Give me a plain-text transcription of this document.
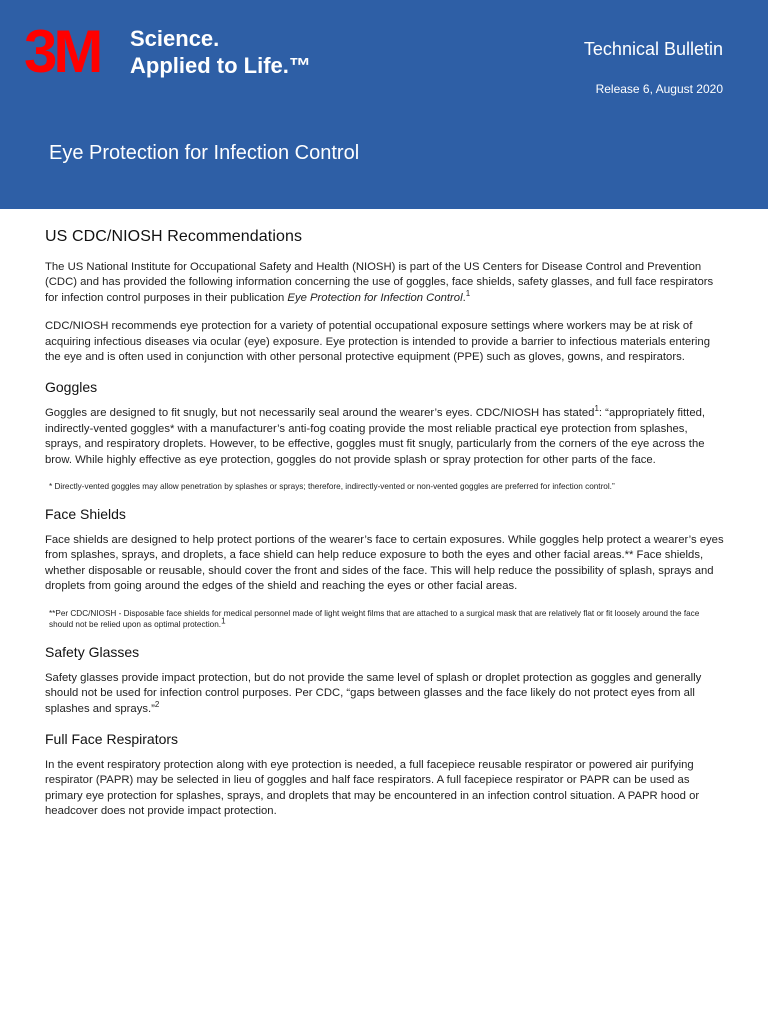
3M Science.
Applied to Life.™
Technical Bulletin
Release 6, August 2020
Eye Protection for Infection Control
US CDC/NIOSH Recommendations

The US National Institute for Occupational Safety and Health (NIOSH) is part of the US Centers for Disease Control and Prevention (CDC) and has provided the following information concerning the use of goggles, face shields, safety glasses, and full face respirators for infection control purposes in their publication Eye Protection for Infection Control.$^1$

CDC/NIOSH recommends eye protection for a variety of potential occupational exposure settings where workers may be at risk of acquiring infectious diseases via ocular (eye) exposure. Eye protection is intended to provide a barrier to infectious materials entering the eye and is often used in conjunction with other personal protective equipment (PPE) such as gloves, gowns, and respirators.

Goggles

Goggles are designed to fit snugly, but not necessarily seal around the wearer’s eyes. CDC/NIOSH has stated$^1$: “appropriately fitted, indirectly-vented goggles* with a manufacturer’s anti-fog coating provide the most reliable practical eye protection from splashes, sprays, and respiratory droplets. However, to be effective, goggles must fit snugly, particularly from the corners of the eye across the brow. While highly effective as eye protection, goggles do not provide splash or spray protection for other parts of the face.

* Directly-vented goggles may allow penetration by splashes or sprays; therefore, indirectly-vented or non-vented goggles are preferred for infection control.”

Face Shields

Face shields are designed to help protect portions of the wearer’s face to certain exposures. While goggles help protect a wearer’s eyes from splashes, sprays, and droplets, a face shield can help reduce exposure to both the eyes and other facial areas.** Face shields, whether disposable or reusable, should cover the front and sides of the face. This will help reduce the possibility of splash, sprays and droplets from going around the edges of the shield and reaching the eyes or other facial areas.

**Per CDC/NIOSH - Disposable face shields for medical personnel made of light weight films that are attached to a surgical mask that are relatively flat or fit loosely around the face should not be relied upon as optimal protection.$^1$

Safety Glasses

Safety glasses provide impact protection, but do not provide the same level of splash or droplet protection as goggles and generally should not be used for infection control purposes. Per CDC, “gaps between glasses and the face likely do not protect eyes from all splashes and sprays.”$^2$

Full Face Respirators

In the event respiratory protection along with eye protection is needed, a full facepiece reusable respirator or powered air purifying respirator (PAPR) may be selected in lieu of goggles and half face respirators. A full facepiece respirator or PAPR can be used as primary eye protection for splashes, sprays, and droplets that may be encountered in an infection control situation. A PAPR hood or headcover does not provide impact protection.
